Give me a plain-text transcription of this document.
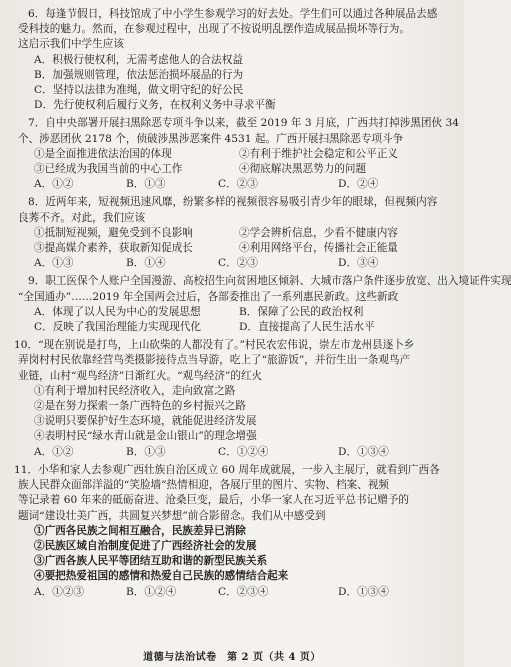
6．每逢节假日，科技馆成了中小学生参观学习的好去处。学生们可以通过各种展品去感
受科技的魅力。然而，在参观过程中，出现了不按说明乱摆作造成展品损坏等行为。
这启示我们中学生应该
A．积极行使权利，无需考虑他人的合法权益
B．加强规则管理，依法惩治损坏展品的行为
C．坚持以法律为准绳，做文明守纪的好公民
D．先行使权利后履行义务，在权利义务中寻求平衡
7．自中央部署开展扫黑除恶专项斗争以来，截至 2019 年 3 月底，广西共打掉涉黑团伙 34
个、涉恶团伙 2178 个，侦破涉黑涉恶案件 4531 起。广西开展扫黑除恶专项斗争
①是全面推进依法治国的体现	②有利于维护社会稳定和公平正义
③已经成为我国当前的中心工作	④彻底解决黑恶势力的问题
A．①②	B．①③	C．②③	D．②④
8．近两年来，短视频迅速风靡，纷繁多样的视频很容易吸引青少年的眼球，但视频内容
良莠不齐。对此，我们应该
①抵制短视频，避免受到不良影响	②学会辨析信息，少看不健康内容
③提高媒介素养，获取新知促成长	④利用网络平台，传播社会正能量
A．①③	B．①④	C．②③	D．③④
9．职工医保个人账户全国漫游、高校招生向贫困地区倾斜、大城市落户条件逐步放宽、出入境证件实现
“全国通办”……2019 年全国两会过后，各部委推出了一系列惠民新政。这些新政
A．体现了以人民为中心的发展思想	B．保障了公民的政治权利
C．反映了我国治理能力实现现代化	D．直接提高了人民生活水平
10．“现在别说是打鸟，上山砍柴的人都没有了。”村民农宏伟说，崇左市龙州县逐卜乡
弄岗村村民依靠经营鸟类摄影接待点当导游，吃上了“旅游饭”，并衍生出一条观鸟产
业链，山村“观鸟经济”日渐红火。“观鸟经济”的红火
①有利于增加村民经济收入，走向致富之路
②是在努力探索一条广西特色的乡村振兴之路
③说明只要保护好生态环境，就能促进经济发展
④表明村民“绿水青山就是金山银山”的理念增强
A．①②	B．①③	C．①②④	D．①③④
11．小华和家人去参观广西壮族自治区成立 60 周年成就展，一步入主展厅，就看到广西各
族人民群众面部洋溢的“笑脸墙”热情相迎，各展厅里的图片、实物、档案、视频
等记录着 60 年来的砥砺奋进、沧桑巨变，最后，小华一家人在习近平总书记赠予的
题词“建设壮美广西，共圆复兴梦想”前合影留念。我们从中感受到
①广西各民族之间相互融合，民族差异已消除
②民族区域自治制度促进了广西经济社会的发展
③广西各族人民平等团结互助和谐的新型民族关系
④要把热爱祖国的感情和热爱自己民族的感情结合起来
A．①②③	B．①②④	C．②③④	D．①③④
道德与法治试卷　第 2 页（共 4 页）
